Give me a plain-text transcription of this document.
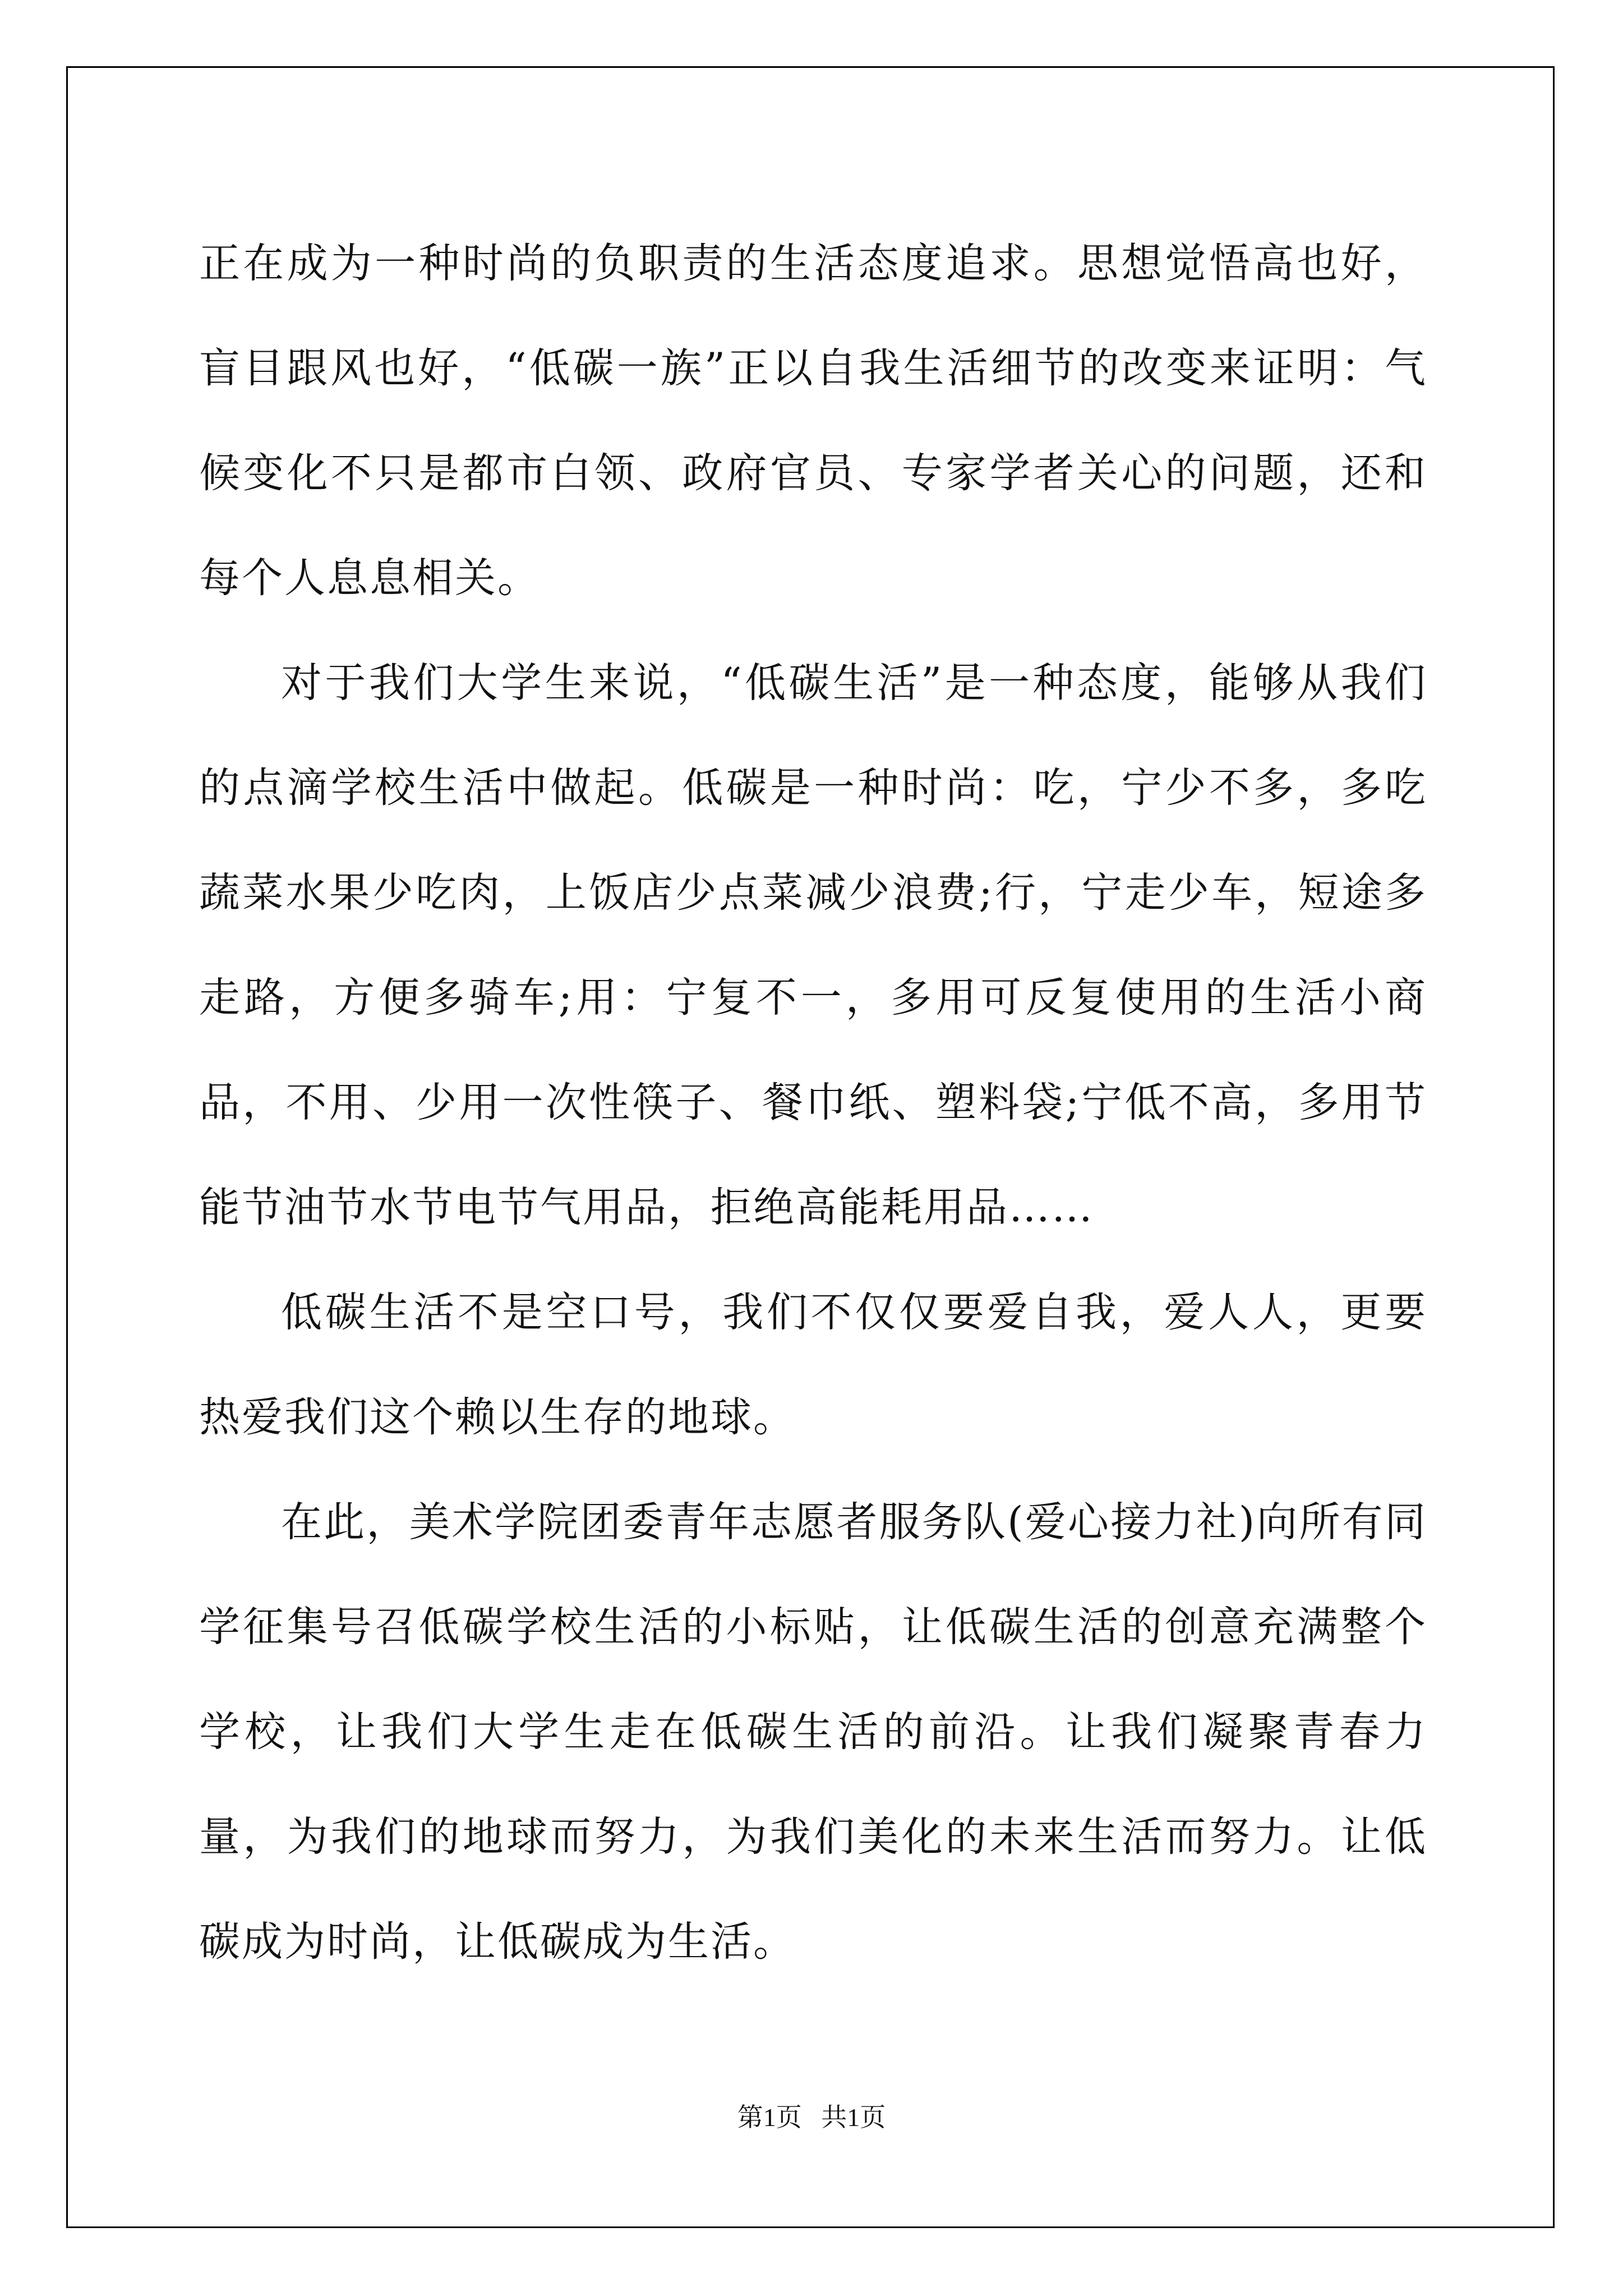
正在成为一种时尚的负职责的生活态度追求。思想觉悟高也好，盲目跟风也好，“低碳一族”正以自我生活细节的改变来证明：气候变化不只是都市白领、政府官员、专家学者关心的问题，还和每个人息息相关。

对于我们大学生来说，“低碳生活”是一种态度，能够从我们的点滴学校生活中做起。低碳是一种时尚：吃，宁少不多，多吃蔬菜水果少吃肉，上饭店少点菜减少浪费;行，宁走少车，短途多走路，方便多骑车;用：宁复不一，多用可反复使用的生活小商品，不用、少用一次性筷子、餐巾纸、塑料袋;宁低不高，多用节能节油节水节电节气用品，拒绝高能耗用品……

低碳生活不是空口号，我们不仅仅要爱自我，爱人人，更要热爱我们这个赖以生存的地球。

在此，美术学院团委青年志愿者服务队(爱心接力社)向所有同学征集号召低碳学校生活的小标贴，让低碳生活的创意充满整个学校，让我们大学生走在低碳生活的前沿。让我们凝聚青春力量，为我们的地球而努力，为我们美化的未来生活而努力。让低碳成为时尚，让低碳成为生活。

第1页   共1页
